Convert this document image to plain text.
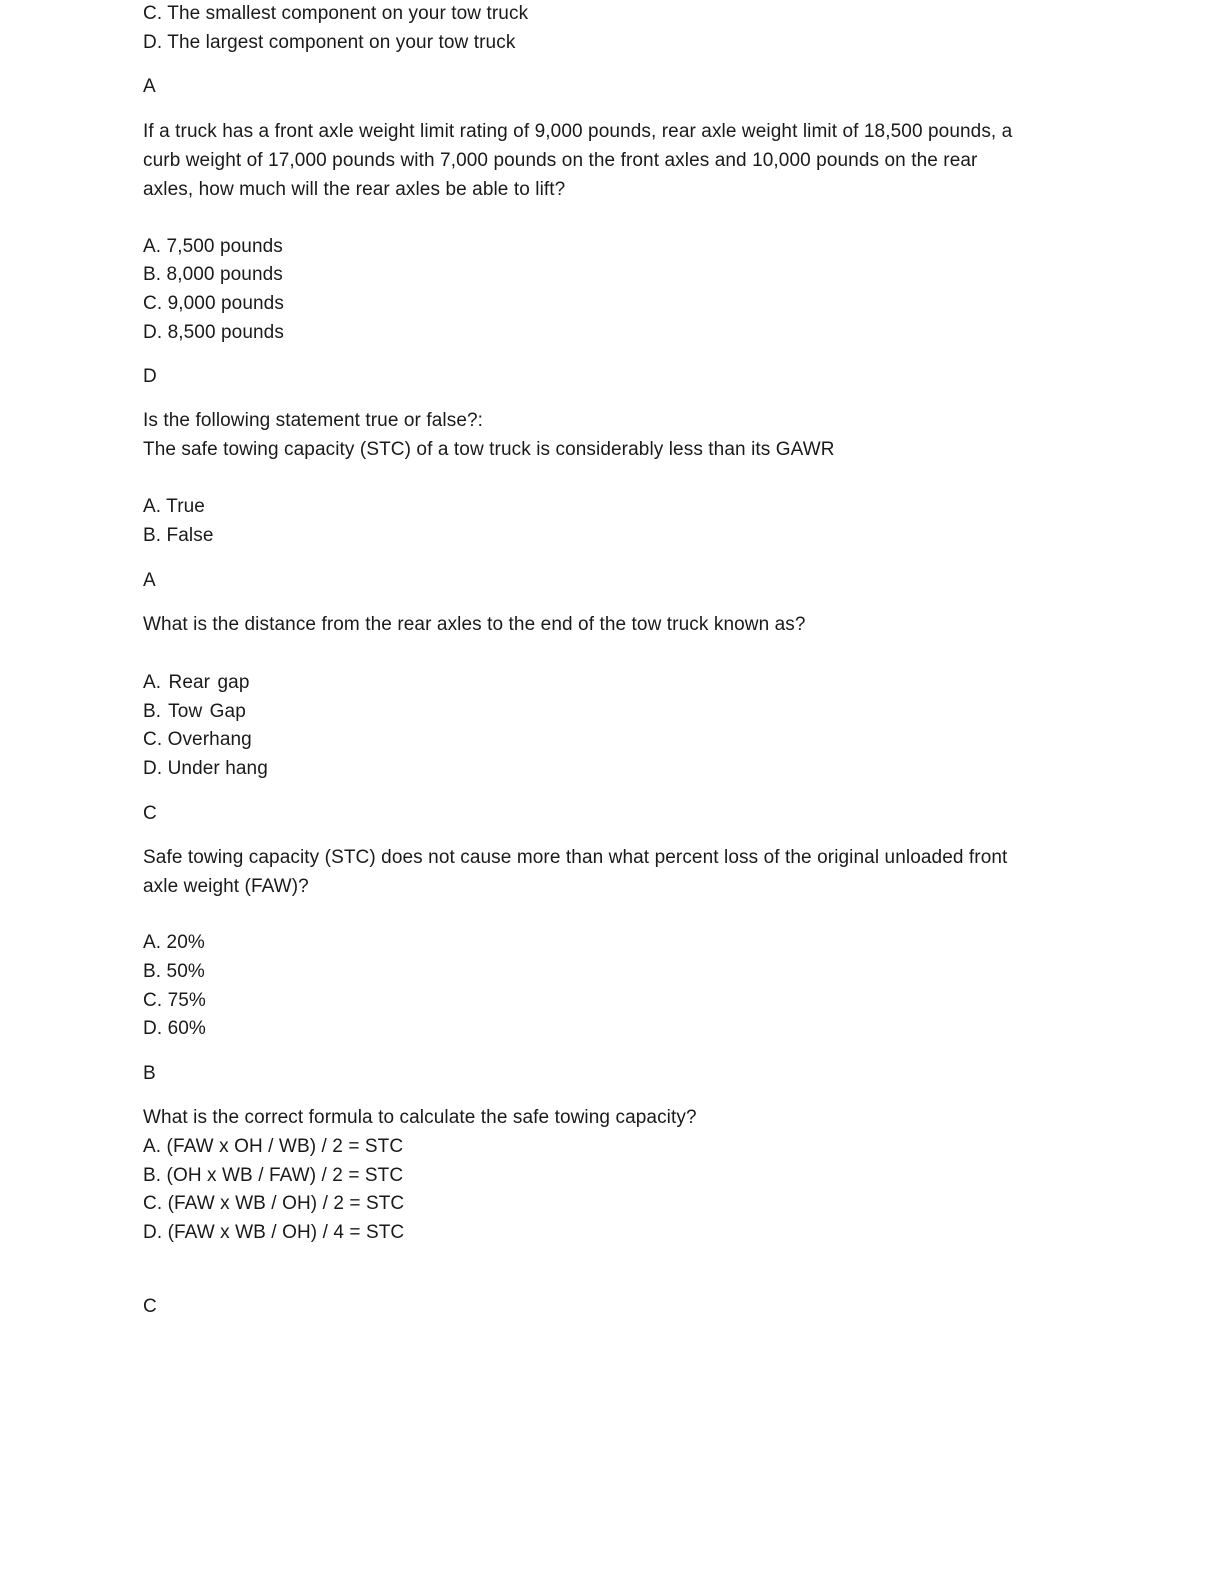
C. The smallest component on your tow truck
D. The largest component on your tow truck
A
If a truck has a front axle weight limit rating of 9,000 pounds, rear axle weight limit of 18,500 pounds, a
curb weight of 17,000 pounds with 7,000 pounds on the front axles and 10,000 pounds on the rear
axles, how much will the rear axles be able to lift?
A. 7,500 pounds
B. 8,000 pounds
C. 9,000 pounds
D. 8,500 pounds
D
Is the following statement true or false?:
The safe towing capacity (STC) of a tow truck is considerably less than its GAWR
A. True
B. False
A
What is the distance from the rear axles to the end of the tow truck known as?
A. Rear gap
B. Tow Gap
C. Overhang
D. Under hang
C
Safe towing capacity (STC) does not cause more than what percent loss of the original unloaded front
axle weight (FAW)?
A. 20%
B. 50%
C. 75%
D. 60%
B
What is the correct formula to calculate the safe towing capacity?
A. (FAW x OH / WB) / 2 = STC
B. (OH x WB / FAW) / 2 = STC
C. (FAW x WB / OH) / 2 = STC
D. (FAW x WB / OH) / 4 = STC
C
